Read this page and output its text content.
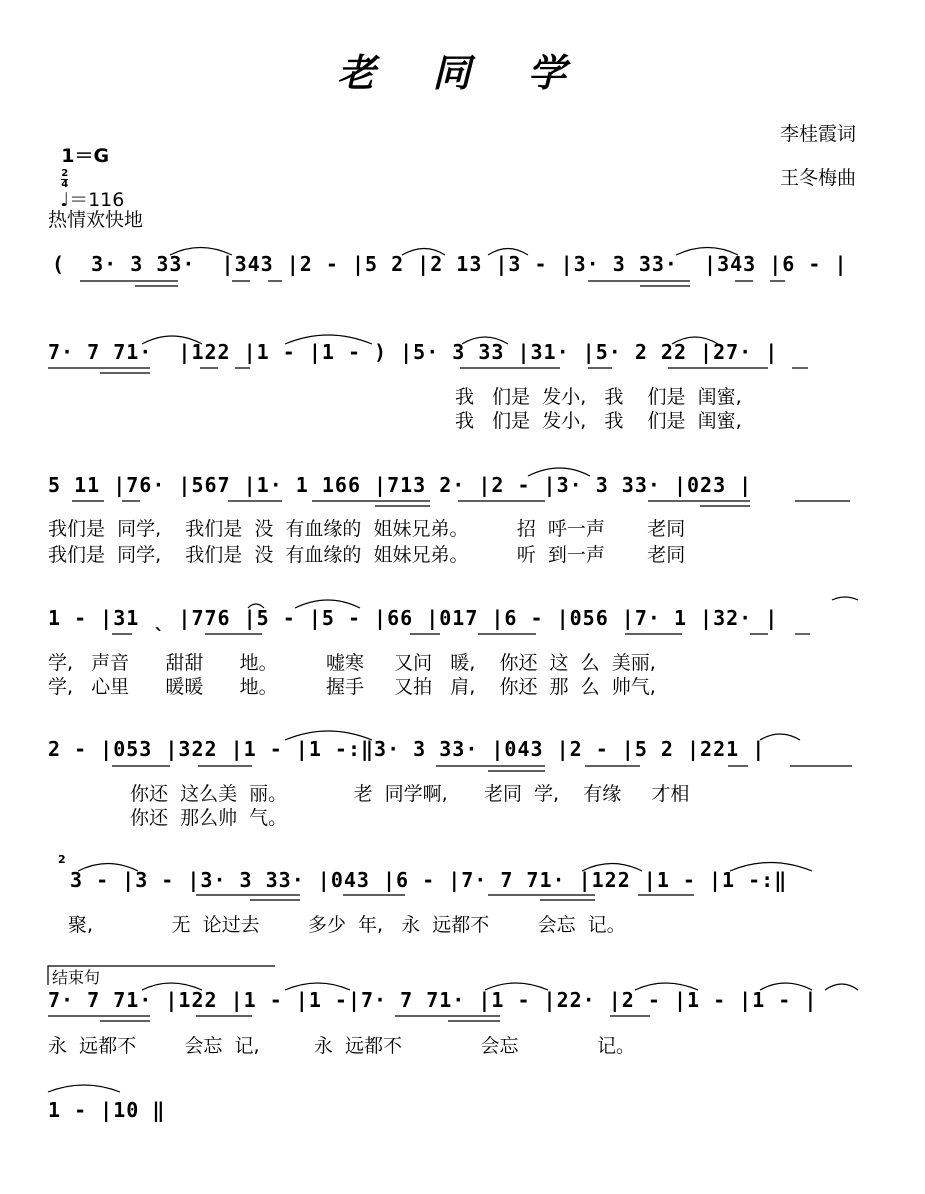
老 同 学

1＝G

$\frac{2}{4}$

♩＝116

热情欢快地
李桂霞词
王冬梅曲
(  3· 3 33·  |343 |2 - |5 2 |2 13 |3 - |3· 3 33·  |343 |6 - |
7· 7 71·  |122 |1 - |1 - ) |5· 3 33 |31· |5· 2 22 |27· |
我   们是  发小,   我    们是  闺蜜,
我   们是  发小,   我    们是  闺蜜,
5 11 |76· |567 |1· 1 166 |713 2· |2 - |3· 3 33· |023 |
我们是  同学,    我们是  没  有血缘的  姐妹兄弟。        招  呼一声       老同
我们是  同学,    我们是  没  有血缘的  姐妹兄弟。        听  到一声       老同
1 - |31 ˎ |776 |5 - |5 - |66 |017 |6 - |056 |7· 1 |32· |
学,   声音      甜甜      地。        嘘寒     又问   暖,    你还  这  么  美丽,
学,   心里      暖暖      地。        握手     又拍   肩,    你还  那  么  帅气,
2 - |053 |322 |1 - |1 -:‖3· 3 33· |043 |2 - |5 2 |221 |
你还  这么美  丽。           老  同学啊,      老同  学,    有缘     才相
你还  那么帅  气。
2
3 - |3 - |3· 3 33· |043 |6 - |7· 7 71· |122 |1 - |1 -:‖
聚,             无  论过去        多少  年,   永  远都不        会忘  记。
结束句
7· 7 71· |122 |1 - |1 -|7· 7 71· |1 - |22· |2 - |1 - |1 - |
永  远都不        会忘  记,         永  远都不             会忘             记。
1 - |10 ‖
